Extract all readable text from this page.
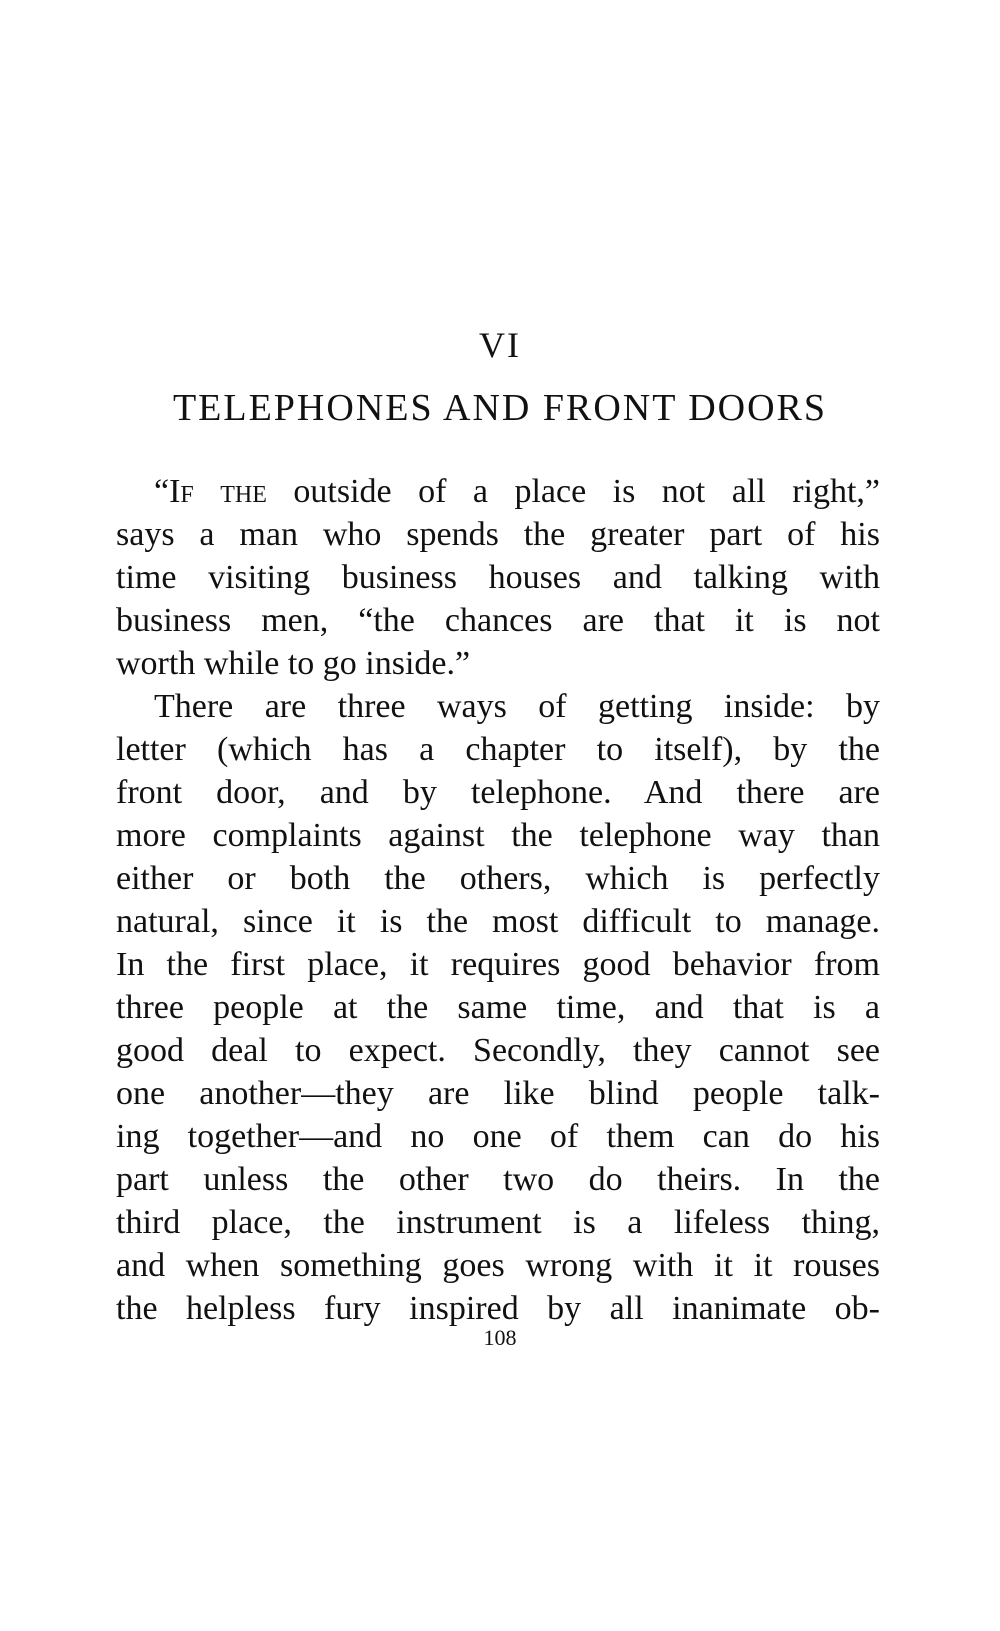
VI
TELEPHONES AND FRONT DOORS
“If the outside of a place is not all right,”
says a man who spends the greater part of his
time visiting business houses and talking with
business men, “the chances are that it is not
worth while to go inside.”
There are three ways of getting inside: by
letter (which has a chapter to itself), by the
front door, and by telephone. And there are
more complaints against the telephone way than
either or both the others, which is perfectly
natural, since it is the most difficult to manage.
In the first place, it requires good behavior from
three people at the same time, and that is a
good deal to expect. Secondly, they cannot see
one another—they are like blind people talk-
ing together—and no one of them can do his
part unless the other two do theirs. In the
third place, the instrument is a lifeless thing,
and when something goes wrong with it it rouses
the helpless fury inspired by all inanimate ob-
108
